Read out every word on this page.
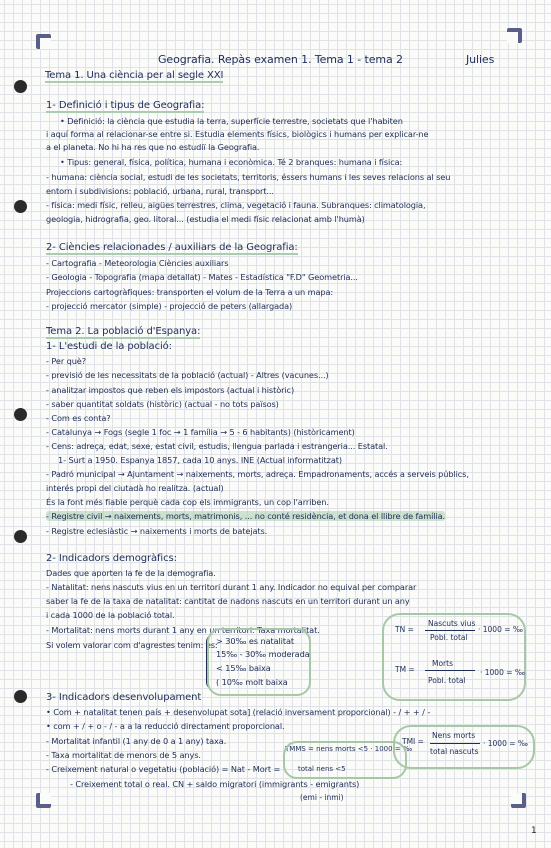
Geografia. Repàs examen 1. Tema 1 - tema 2	Julies
Tema 1. Una ciència per al segle XXI
1- Definició i tipus de Geografia:
• Definició: la ciència que estudia la terra, superfície terrestre, societats que l'habiten
i aquí forma al relacionar-se entre si. Estudia elements físics, biològics i humans per explicar-ne
a el planeta. No hi ha res que no estudiï la Geografia.
• Tipus: general, física, política, humana i econòmica. Té 2 branques: humana i física:
- humana: ciència social, estudi de les societats, territoris, éssers humans i les seves relacions al seu
entorn i subdivisions: població, urbana, rural, transport...
- física: medi físic, relleu, aigües terrestres, clima, vegetació i fauna. Subranques: climatologia,
geologia, hidrografia, geo. litoral... (estudia el medi físic relacionat amb l'humà)
2- Ciències relacionades / auxiliars de la Geografia:
- Cartografia - Meteorologia Ciències auxiliars
- Geologia - Topografia (mapa detallat) - Mates - Estadística "F.D" Geometria...
Projeccions cartogràfiques: transporten el volum de la Terra a un mapa:
- projecció mercator (simple) - projecció de peters (allargada)
Tema 2. La població d'Espanya:
1- L'estudi de la població:
- Per què?
- previsió de les necessitats de la població (actual) - Altres (vacunes...)
- analitzar impostos que reben els impostors (actual i històric)
- saber quantitat soldats (històric) (actual - no tots països)
- Com es conta?
- Catalunya → Fogs (segle 1 foc → 1 família → 5 - 6 habitants) (històricament)
- Cens: adreça, edat, sexe, estat civil, estudis, llengua parlada i estrangeria... Estatal.
1- Surt a 1950. Espanya 1857, cada 10 anys. INE (Actual informatitzat)
- Padró municipal → Ajuntament → naixements, morts, adreça. Empadronaments, accés a serveis públics,
interés propi del ciutadà ho realitza. (actual)
És la font més fiable perquè cada cop els immigrants, un cop l'arriben.
- Registre civil → naixements, morts, matrimonis, ... no conté residència, et dona el llibre de família.
- Registre eclesiàstic → naixements i morts de batejats.
2- Indicadors demogràfics:
Dades que aporten la fe de la demografia.
- Natalitat: nens nascuts vius en un territori durant 1 any. Indicador no equival per comparar
saber la fe de la taxa de natalitat: cantitat de nadons nascuts en un territori durant un any
i cada 1000 de la població total.
- Mortalitat: nens morts durant 1 any en un territori. Taxa mortalitat.
Si volem valorar com d'agrestes tenim: es:
> 30‰ es natalitat
15‰ - 30‰ moderada
< 15‰ baixa
( 10‰ molt baixa
TN =
Nascuts vius
Pobl. total
· 1000 = ‰
TM =
Morts
Pobl. total
· 1000 = ‰
3- Indicadors desenvolupament
• Com + natalitat tenen país + desenvolupat sota] (relació inversament proporcional) - / + + / -
• com + / + o - / - a a la reducció directament proporcional.
- Mortalitat infantil (1 any de 0 a 1 any) taxa.
- Taxa mortalitat de menors de 5 anys.
- Creixement natural o vegetatiu (població) = Nat - Mort =
- Creixement total o real. CN + saldo migratori (immigrants - emigrants)
TMMS = nens morts <5 · 1000 = ‰
total nens <5
(emi - inmi)
TMI =
Nens morts
total nascuts
· 1000 = ‰
1
